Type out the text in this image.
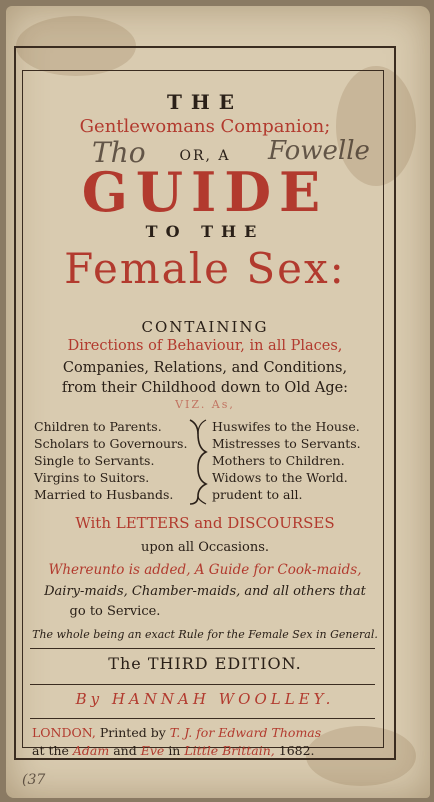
THE
Gentlewomans Companion;
OR, A
GUIDE
TO THE
Female Sex:
Tho	Fowelle
CONTAINING
Directions of Behaviour, in all Places,
Companies, Relations, and Conditions,
from their Childhood down to Old Age:
VIZ. As,
Children to Parents.
Scholars to Governours.
Single to Servants.
Virgins to Suitors.
Married to Husbands.
Huswifes to the House.
Mistresses to Servants.
Mothers to Children.
Widows to the World.
prudent to all.
With LETTERS and DISCOURSES
upon all Occasions.
Whereunto is added, A Guide for Cook-maids,
Dairy-maids, Chamber-maids, and all others that
go to Service.
The whole being an exact Rule for the Female Sex in General.
The THIRD EDITION.
By HANNAH WOOLLEY.
LONDON, Printed by T. J. for Edward Thomas
at the Adam and Eve in Little Brittain, 1682.
(37
